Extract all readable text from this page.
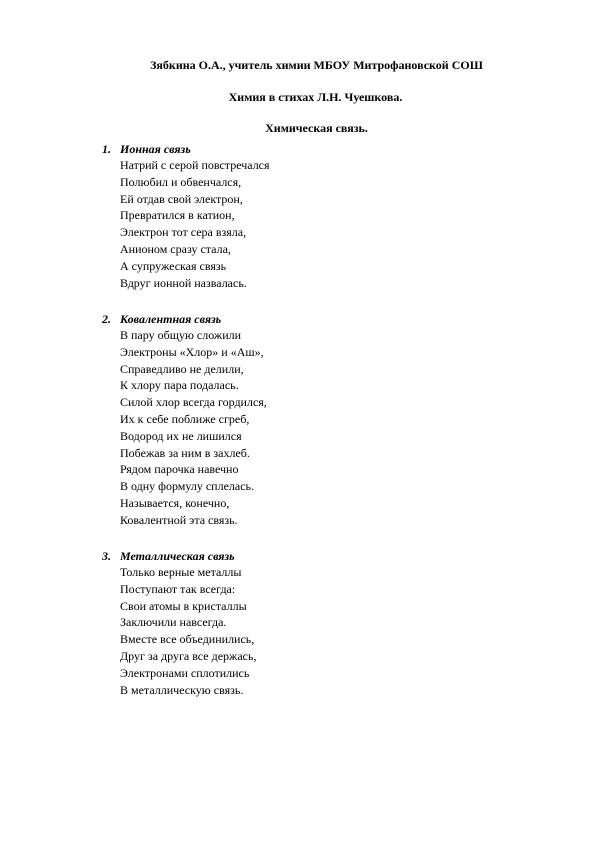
Зябкина О.А., учитель химии МБОУ Митрофановской СОШ
Химия в стихах Л.Н. Чуешкова.
Химическая связь.
1. Ионная связь
Натрий с серой повстречался
Полюбил и обвенчался,
Ей отдав свой электрон,
Превратился в катион,
Электрон тот сера взяла,
Анионом сразу стала,
А супружеская связь
Вдруг ионной назвалась.
2. Ковалентная связь
В пару общую сложили
Электроны «Хлор» и «Аш»,
Справедливо не делили,
К хлору пара подалась.
Силой хлор всегда гордился,
Их к себе поближе сгреб,
Водород их не лишился
Побежав за ним в захлеб.
Рядом парочка навечно
В одну формулу сплелась.
Называется, конечно,
Ковалентной эта связь.
3. Металлическая связь
Только верные металлы
Поступают так всегда:
Свои атомы в кристаллы
Заключили навсегда.
Вместе все объединились,
Друг за друга все держась,
Электронами сплотились
В металлическую связь.
